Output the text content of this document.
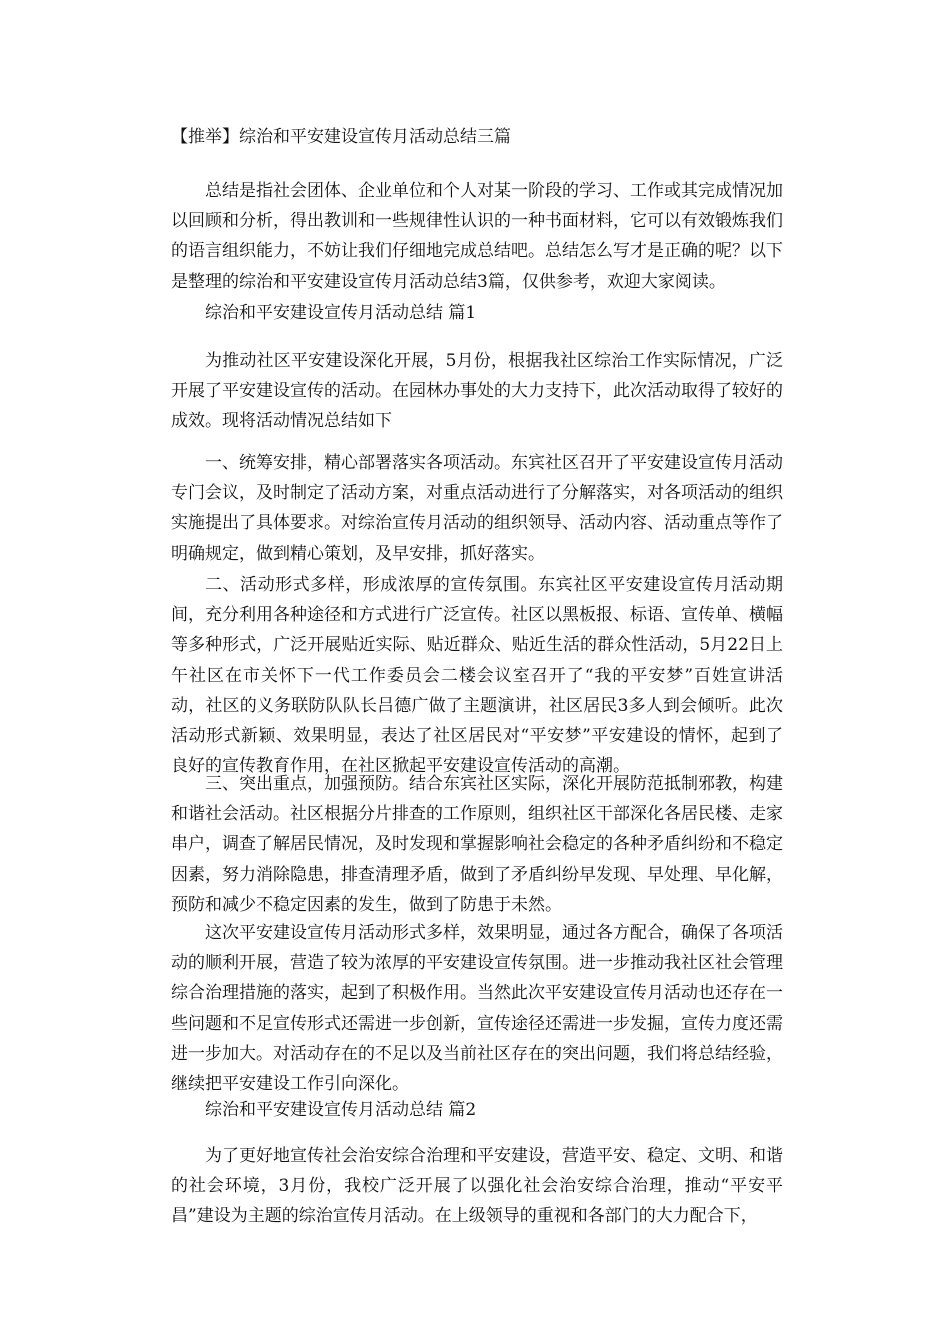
【推举】综治和平安建设宣传月活动总结三篇

总结是指社会团体、企业单位和个人对某一阶段的学习、工作或其完成情况加以回顾和分析，得出教训和一些规律性认识的一种书面材料，它可以有效锻炼我们的语言组织能力，不妨让我们仔细地完成总结吧。总结怎么写才是正确的呢？以下是整理的综治和平安建设宣传月活动总结3篇，仅供参考，欢迎大家阅读。

综治和平安建设宣传月活动总结 篇1

为推动社区平安建设深化开展，5月份，根据我社区综治工作实际情况，广泛开展了平安建设宣传的活动。在园林办事处的大力支持下，此次活动取得了较好的成效。现将活动情况总结如下

一、统筹安排，精心部署落实各项活动。东宾社区召开了平安建设宣传月活动专门会议，及时制定了活动方案，对重点活动进行了分解落实，对各项活动的组织实施提出了具体要求。对综治宣传月活动的组织领导、活动内容、活动重点等作了明确规定，做到精心策划，及早安排，抓好落实。

二、活动形式多样，形成浓厚的宣传氛围。东宾社区平安建设宣传月活动期间，充分利用各种途径和方式进行广泛宣传。社区以黑板报、标语、宣传单、横幅等多种形式，广泛开展贴近实际、贴近群众、贴近生活的群众性活动，5月22日上午社区在市关怀下一代工作委员会二楼会议室召开了“我的平安梦”百姓宣讲活动，社区的义务联防队队长吕德广做了主题演讲，社区居民3多人到会倾听。此次活动形式新颖、效果明显，表达了社区居民对“平安梦”平安建设的情怀，起到了良好的宣传教育作用，在社区掀起平安建设宣传活动的高潮。

三、突出重点，加强预防。结合东宾社区实际，深化开展防范抵制邪教，构建和谐社会活动。社区根据分片排查的工作原则，组织社区干部深化各居民楼、走家串户，调查了解居民情况，及时发现和掌握影响社会稳定的各种矛盾纠纷和不稳定因素，努力消除隐患，排查清理矛盾，做到了矛盾纠纷早发现、早处理、早化解，预防和减少不稳定因素的发生，做到了防患于未然。

这次平安建设宣传月活动形式多样，效果明显，通过各方配合，确保了各项活动的顺利开展，营造了较为浓厚的平安建设宣传氛围。进一步推动我社区社会管理综合治理措施的落实，起到了积极作用。当然此次平安建设宣传月活动也还存在一些问题和不足宣传形式还需进一步创新，宣传途径还需进一步发掘，宣传力度还需进一步加大。对活动存在的不足以及当前社区存在的突出问题，我们将总结经验，继续把平安建设工作引向深化。

综治和平安建设宣传月活动总结 篇2

为了更好地宣传社会治安综合治理和平安建设，营造平安、稳定、文明、和谐的社会环境，3月份，我校广泛开展了以强化社会治安综合治理，推动“平安平昌”建设为主题的综治宣传月活动。在上级领导的重视和各部门的大力配合下，
